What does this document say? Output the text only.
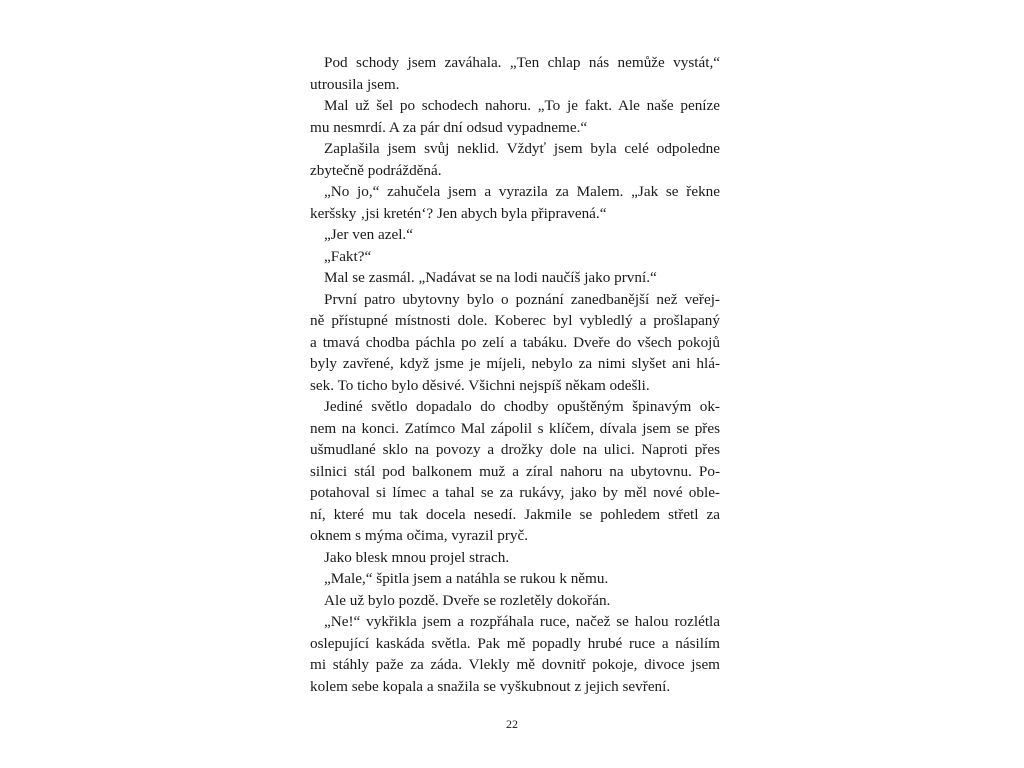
Pod schody jsem zaváhala. „Ten chlap nás nemůže vystát,“
utrousila jsem.
Mal už šel po schodech nahoru. „To je fakt. Ale naše peníze
mu nesmrdí. A za pár dní odsud vypadneme.“
Zaplašila jsem svůj neklid. Vždyť jsem byla celé odpoledne
zbytečně podrážděná.
„No jo,“ zahučela jsem a vyrazila za Malem. „Jak se řekne
keršsky ‚jsi kretén‘? Jen abych byla připravená.“
„Jer ven azel.“
„Fakt?“
Mal se zasmál. „Nadávat se na lodi naučíš jako první.“
První patro ubytovny bylo o poznání zanedbanější než veřej-
ně přístupné místnosti dole. Koberec byl vybledlý a prošlapaný
a tmavá chodba páchla po zelí a tabáku. Dveře do všech pokojů
byly zavřené, když jsme je míjeli, nebylo za nimi slyšet ani hlá-
sek. To ticho bylo děsivé. Všichni nejspíš někam odešli.
Jediné světlo dopadalo do chodby opuštěným špinavým ok-
nem na konci. Zatímco Mal zápolil s klíčem, dívala jsem se přes
ušmudlané sklo na povozy a drožky dole na ulici. Naproti přes
silnici stál pod balkonem muž a zíral nahoru na ubytovnu. Po-
potahoval si límec a tahal se za rukávy, jako by měl nové oble-
ní, které mu tak docela nesedí. Jakmile se pohledem střetl za
oknem s mýma očima, vyrazil pryč.
Jako blesk mnou projel strach.
„Male,“ špitla jsem a natáhla se rukou k němu.
Ale už bylo pozdě. Dveře se rozletěly dokořán.
„Ne!“ vykřikla jsem a rozpřáhala ruce, načež se halou rozlétla
oslepující kaskáda světla. Pak mě popadly hrubé ruce a násilím
mi stáhly paže za záda. Vlekly mě dovnitř pokoje, divoce jsem
kolem sebe kopala a snažila se vyškubnout z jejich sevření.
22
